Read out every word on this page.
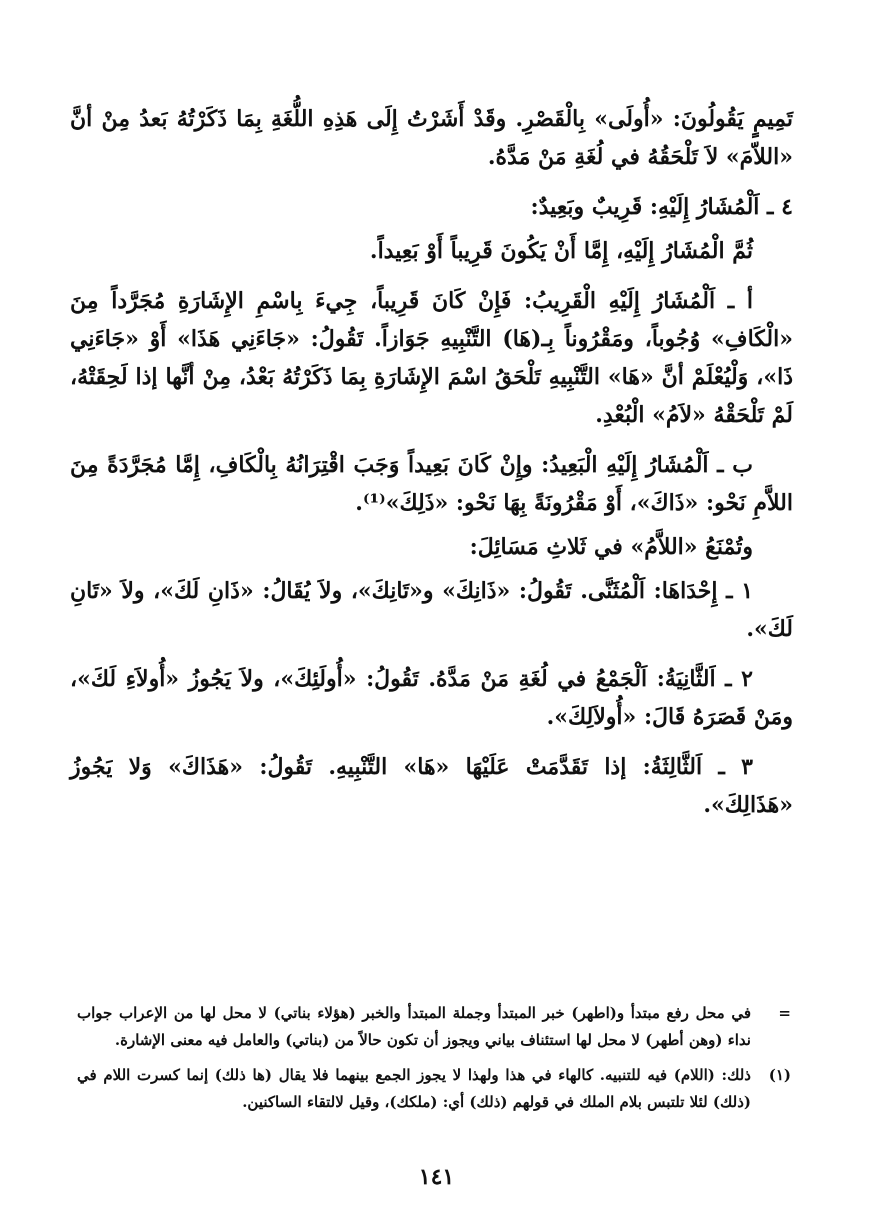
تَمِيمٍ يَقُولُونَ: «أُولَى» بِالْقَصْرِ. وقَدْ أَشَرْتُ إِلَى هَذِهِ اللُّغَةِ بِمَا ذَكَرْتُهُ بَعدُ مِنْ أنَّ «اللاّمَ» لاَ تَلْحَقُهُ في لُغَةِ مَنْ مَدَّهُ.

٤ ـ اَلْمُشَارُ إِلَيْهِ: قَرِيبٌ وبَعِيدٌ:

ثُمَّ الْمُشَارُ إِلَيْهِ، إِمَّا أَنْ يَكُونَ قَرِيباً أَوْ بَعِيداً.

أ ـ اَلْمُشَارُ إِلَيْهِ الْقَرِيبُ: فَإِنْ كَانَ قَرِيباً، جِيءَ بِاسْمِ الإِشَارَةِ مُجَرَّداً مِنَ «الْكَافِ» وُجُوباً، ومَقْرُوناً بِـ(هَا) التَّنْبِيهِ جَوَازاً. تَقُولُ: «جَاءَنِي هَذَا» أَوْ «جَاءَنِي ذَا»، وَلْيُعْلَمْ أنَّ «هَا» التَّنْبِيهِ تَلْحَقُ اسْمَ الإِشَارَةِ بِمَا ذَكَرْتُهُ بَعْدُ، مِنْ أنَّها إذا لَحِقَتْهُ، لَمْ تَلْحَقْهُ «لاَمُ» الْبُعْدِ.

ب ـ اَلْمُشَارُ إِلَيْهِ الْبَعِيدُ: وإِنْ كَانَ بَعِيداً وَجَبَ اقْتِرَانُهُ بِالْكَافِ، إِمَّا مُجَرَّدَةً مِنَ اللاَّمِ نَحْو: «ذَاكَ»، أَوْ مَقْرُونَةً بِهَا نَحْو: «ذَلِكَ»⁽¹⁾.

وتُمْنَعُ «اللاَّمُ» في ثَلاثِ مَسَائِلَ:

١ ـ إِحْدَاهَا: اَلْمُثَنَّى. تَقُولُ: «ذَانِكَ» و«تَانِكَ»، ولاَ يُقَالُ: «ذَانِ لَكَ»، ولاَ «تَانِ لَكَ».

٢ ـ اَلثَّانِيَةُ: اَلْجَمْعُ في لُغَةِ مَنْ مَدَّهُ. تَقُولُ: «أُولَئِكَ»، ولاَ يَجُوزُ «أُولاَءِ لَكَ»، ومَنْ قَصَرَهُ قَالَ: «أُولاَلِكَ».

٣ ـ اَلثَّالِثَةُ: إذا تَقَدَّمَتْ عَلَيْهَا «هَا» التَّنْبِيهِ. تَقُولُ: «هَذَاكَ» وَلا يَجُوزُ «هَذَالِكَ».

=
في محل رفع مبتدأ و(اطهر) خبر المبتدأ وجملة المبتدأ والخبر (هؤلاء بناتي) لا محل لها من الإعراب جواب نداء (وهن أطهر) لا محل لها استئناف بياني ويجوز أن تكون حالاً من (بناتي) والعامل فيه معنى الإشارة.
(١)
ذلك: (اللام) فيه للتنبيه. كالهاء في هذا ولهذا لا يجوز الجمع بينهما فلا يقال (ها ذلك) إنما كسرت اللام في (ذلك) لئلا تلتبس بلام الملك في قولهم (ذلك) أي: (ملكك)، وقيل لالتقاء الساكنين.
١٤١
